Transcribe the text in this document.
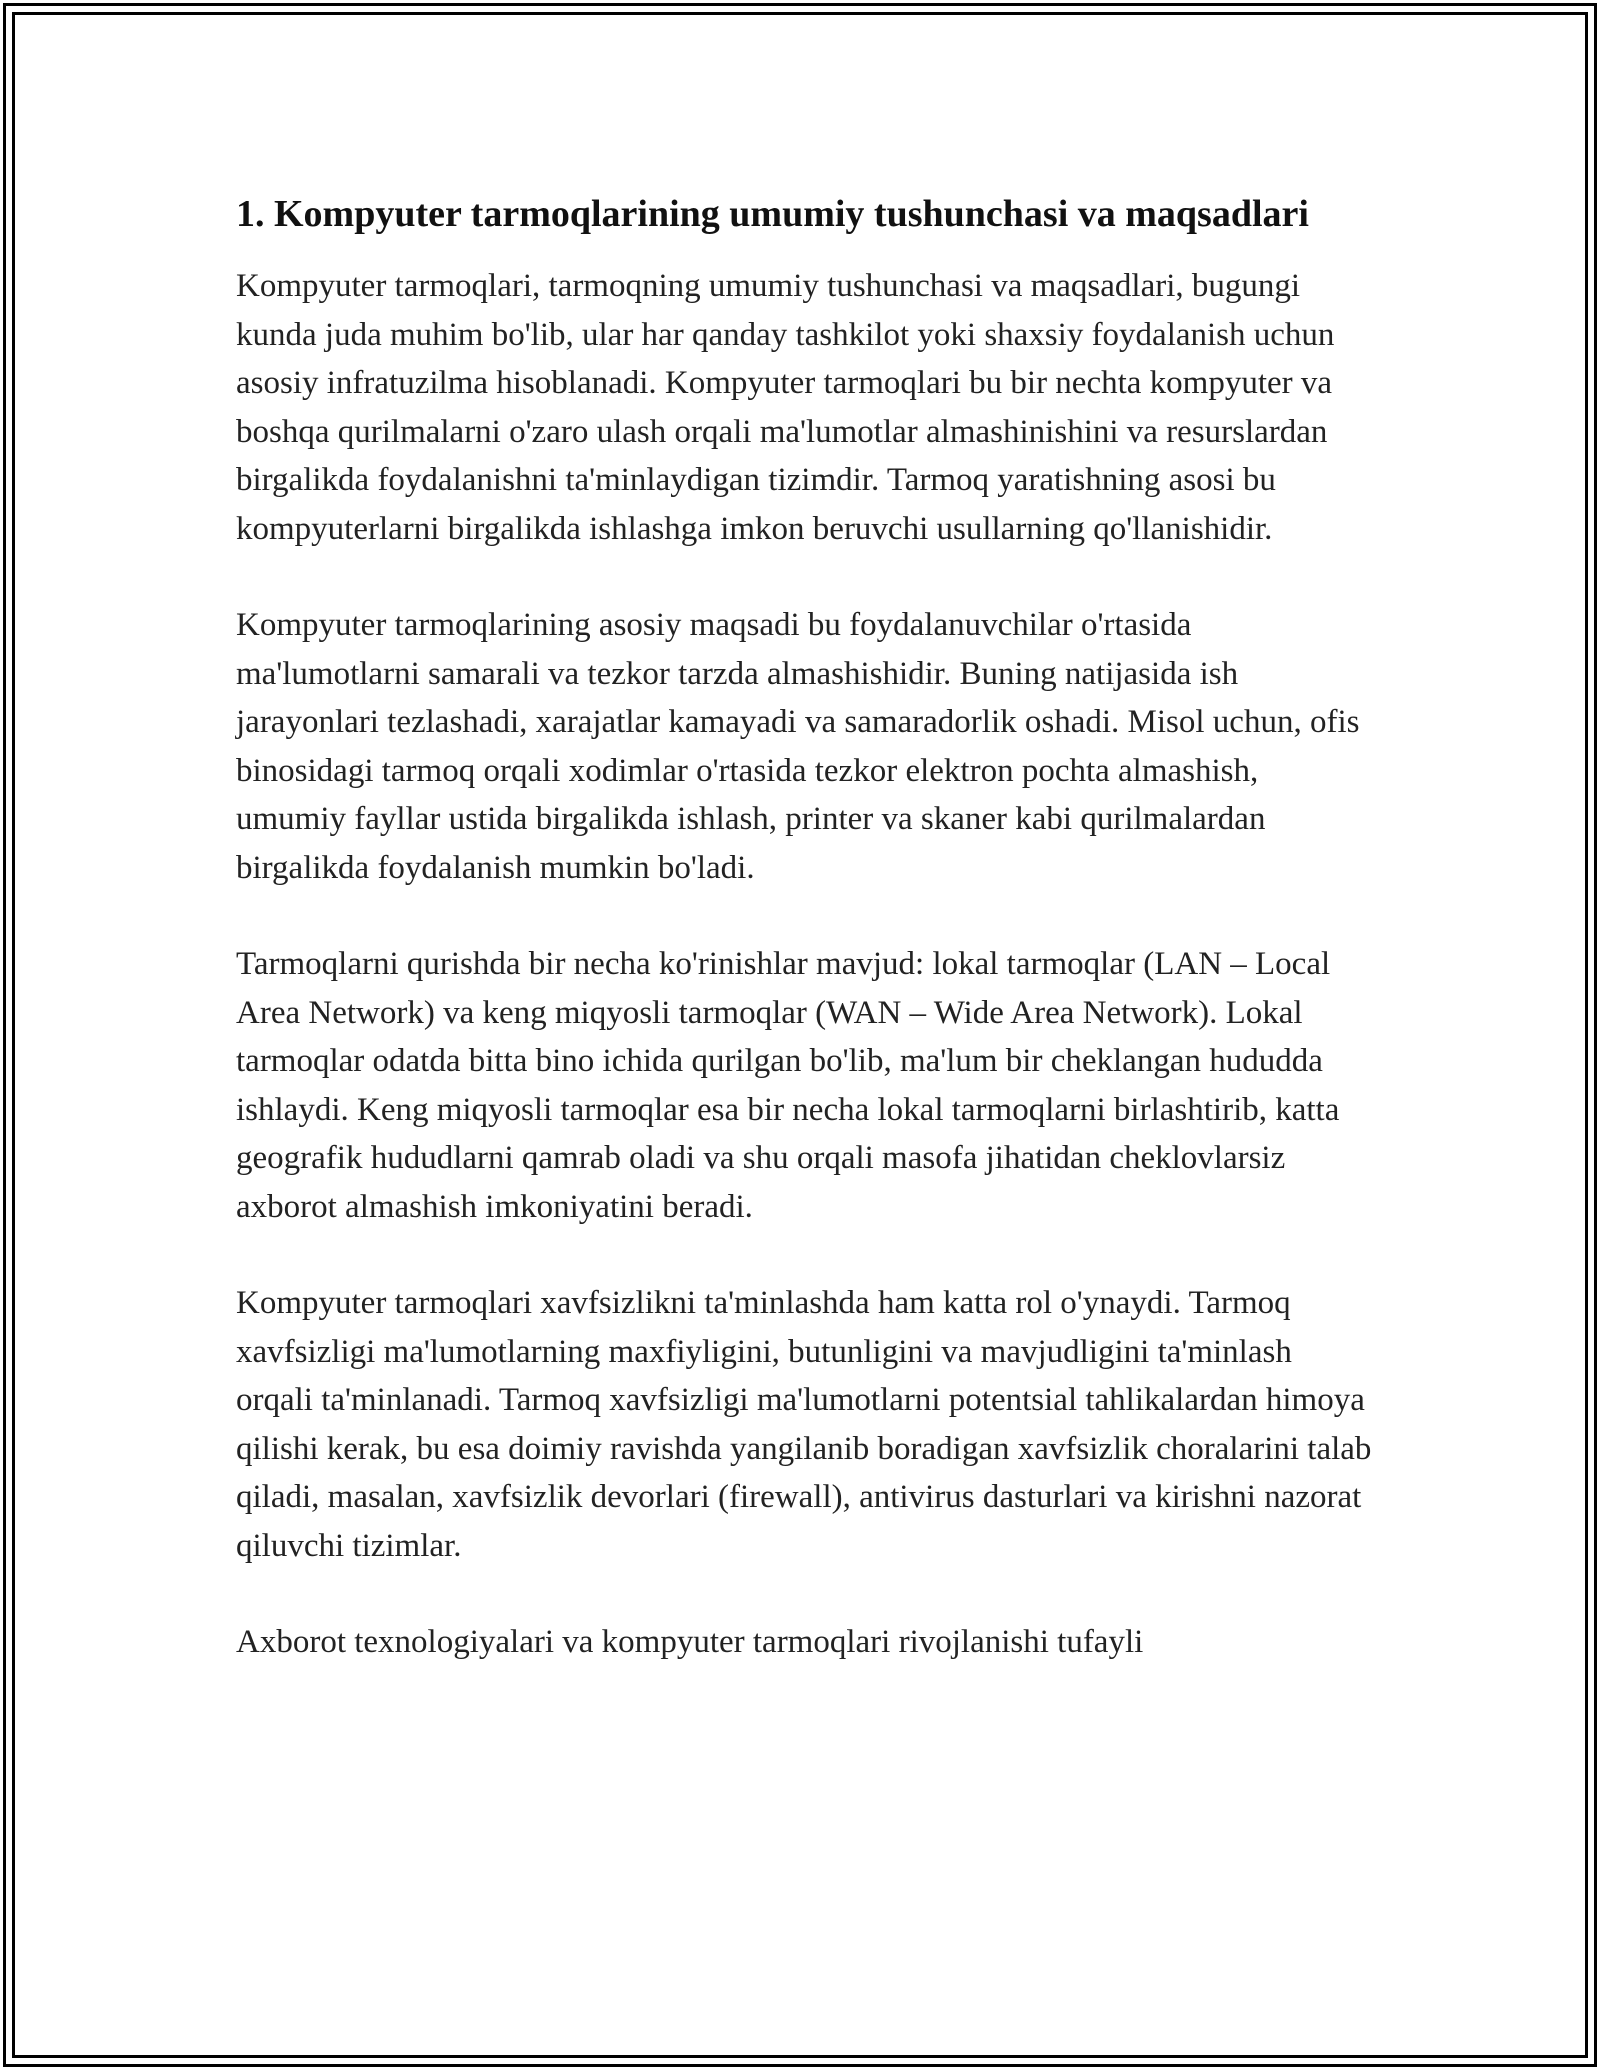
1. Kompyuter tarmoqlarining umumiy tushunchasi va maqsadlari

Kompyuter tarmoqlari, tarmoqning umumiy tushunchasi va maqsadlari, bugungi kunda juda muhim bo'lib, ular har qanday tashkilot yoki shaxsiy foydalanish uchun asosiy infratuzilma hisoblanadi. Kompyuter tarmoqlari bu bir nechta kompyuter va boshqa qurilmalarni o'zaro ulash orqali ma'lumotlar almashinishini va resurslardan birgalikda foydalanishni ta'minlaydigan tizimdir. Tarmoq yaratishning asosi bu kompyuterlarni birgalikda ishlashga imkon beruvchi usullarning qo'llanishidir.

Kompyuter tarmoqlarining asosiy maqsadi bu foydalanuvchilar o'rtasida ma'lumotlarni samarali va tezkor tarzda almashishidir. Buning natijasida ish jarayonlari tezlashadi, xarajatlar kamayadi va samaradorlik oshadi. Misol uchun, ofis binosidagi tarmoq orqali xodimlar o'rtasida tezkor elektron pochta almashish, umumiy fayllar ustida birgalikda ishlash, printer va skaner kabi qurilmalardan birgalikda foydalanish mumkin bo'ladi.

Tarmoqlarni qurishda bir necha ko'rinishlar mavjud: lokal tarmoqlar (LAN – Local Area Network) va keng miqyosli tarmoqlar (WAN – Wide Area Network). Lokal tarmoqlar odatda bitta bino ichida qurilgan bo'lib, ma'lum bir cheklangan hududda ishlaydi. Keng miqyosli tarmoqlar esa bir necha lokal tarmoqlarni birlashtirib, katta geografik hududlarni qamrab oladi va shu orqali masofa jihatidan cheklovlarsiz axborot almashish imkoniyatini beradi.

Kompyuter tarmoqlari xavfsizlikni ta'minlashda ham katta rol o'ynaydi. Tarmoq xavfsizligi ma'lumotlarning maxfiyligini, butunligini va mavjudligini ta'minlash orqali ta'minlanadi. Tarmoq xavfsizligi ma'lumotlarni potentsial tahlikalardan himoya qilishi kerak, bu esa doimiy ravishda yangilanib boradigan xavfsizlik choralarini talab qiladi, masalan, xavfsizlik devorlari (firewall), antivirus dasturlari va kirishni nazorat qiluvchi tizimlar.

Axborot texnologiyalari va kompyuter tarmoqlari rivojlanishi tufayli
